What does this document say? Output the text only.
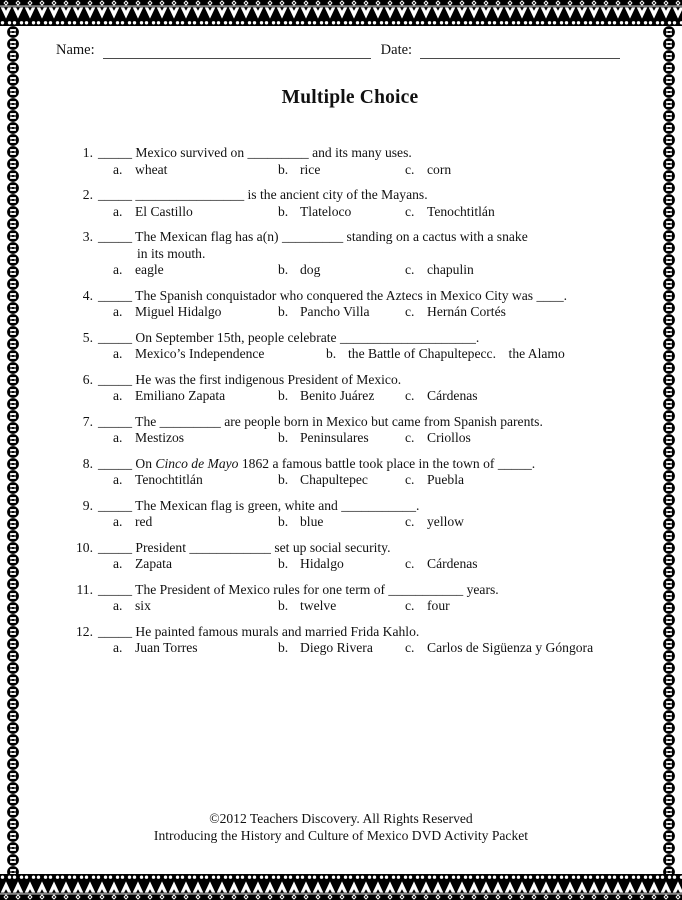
Name:	Date:
Multiple Choice
1. _____ Mexico survived on _________ and its many uses.
a. wheat	b. rice	c. corn
2. _____ ________________ is the ancient city of the Mayans.
a. El Castillo	b. Tlateloco	c. Tenochtitlán
3. _____ The Mexican flag has a(n) _________ standing on a cactus with a snake
in its mouth.
a. eagle	b. dog	c. chapulin
4. _____ The Spanish conquistador who conquered the Aztecs in Mexico City was ____.
a. Miguel Hidalgo	b. Pancho Villa	c. Hernán Cortés
5. _____ On September 15th, people celebrate ____________________.
a. Mexico’s Independence	b. the Battle of Chapultepec c. the Alamo
6. _____ He was the first indigenous President of Mexico.
a. Emiliano Zapata	b. Benito Juárez c. Cárdenas
7. _____ The _________ are people born in Mexico but came from Spanish parents.
a. Mestizos	b. Peninsulares	c. Criollos
8. _____ On Cinco de Mayo 1862 a famous battle took place in the town of _____.
a. Tenochtitlán	b. Chapultepec	c. Puebla
9. _____ The Mexican flag is green, white and ___________.
a. red	b. blue	c. yellow
10. _____ President ____________ set up social security.
a. Zapata	b. Hidalgo	c. Cárdenas
11. _____ The President of Mexico rules for one term of ___________ years.
a. six	b. twelve	c. four
12. _____ He painted famous murals and married Frida Kahlo.
a. Juan Torres	b. Diego Rivera c. Carlos de Sigüenza y Góngora
©2012 Teachers Discovery. All Rights Reserved
Introducing the History and Culture of Mexico DVD Activity Packet
